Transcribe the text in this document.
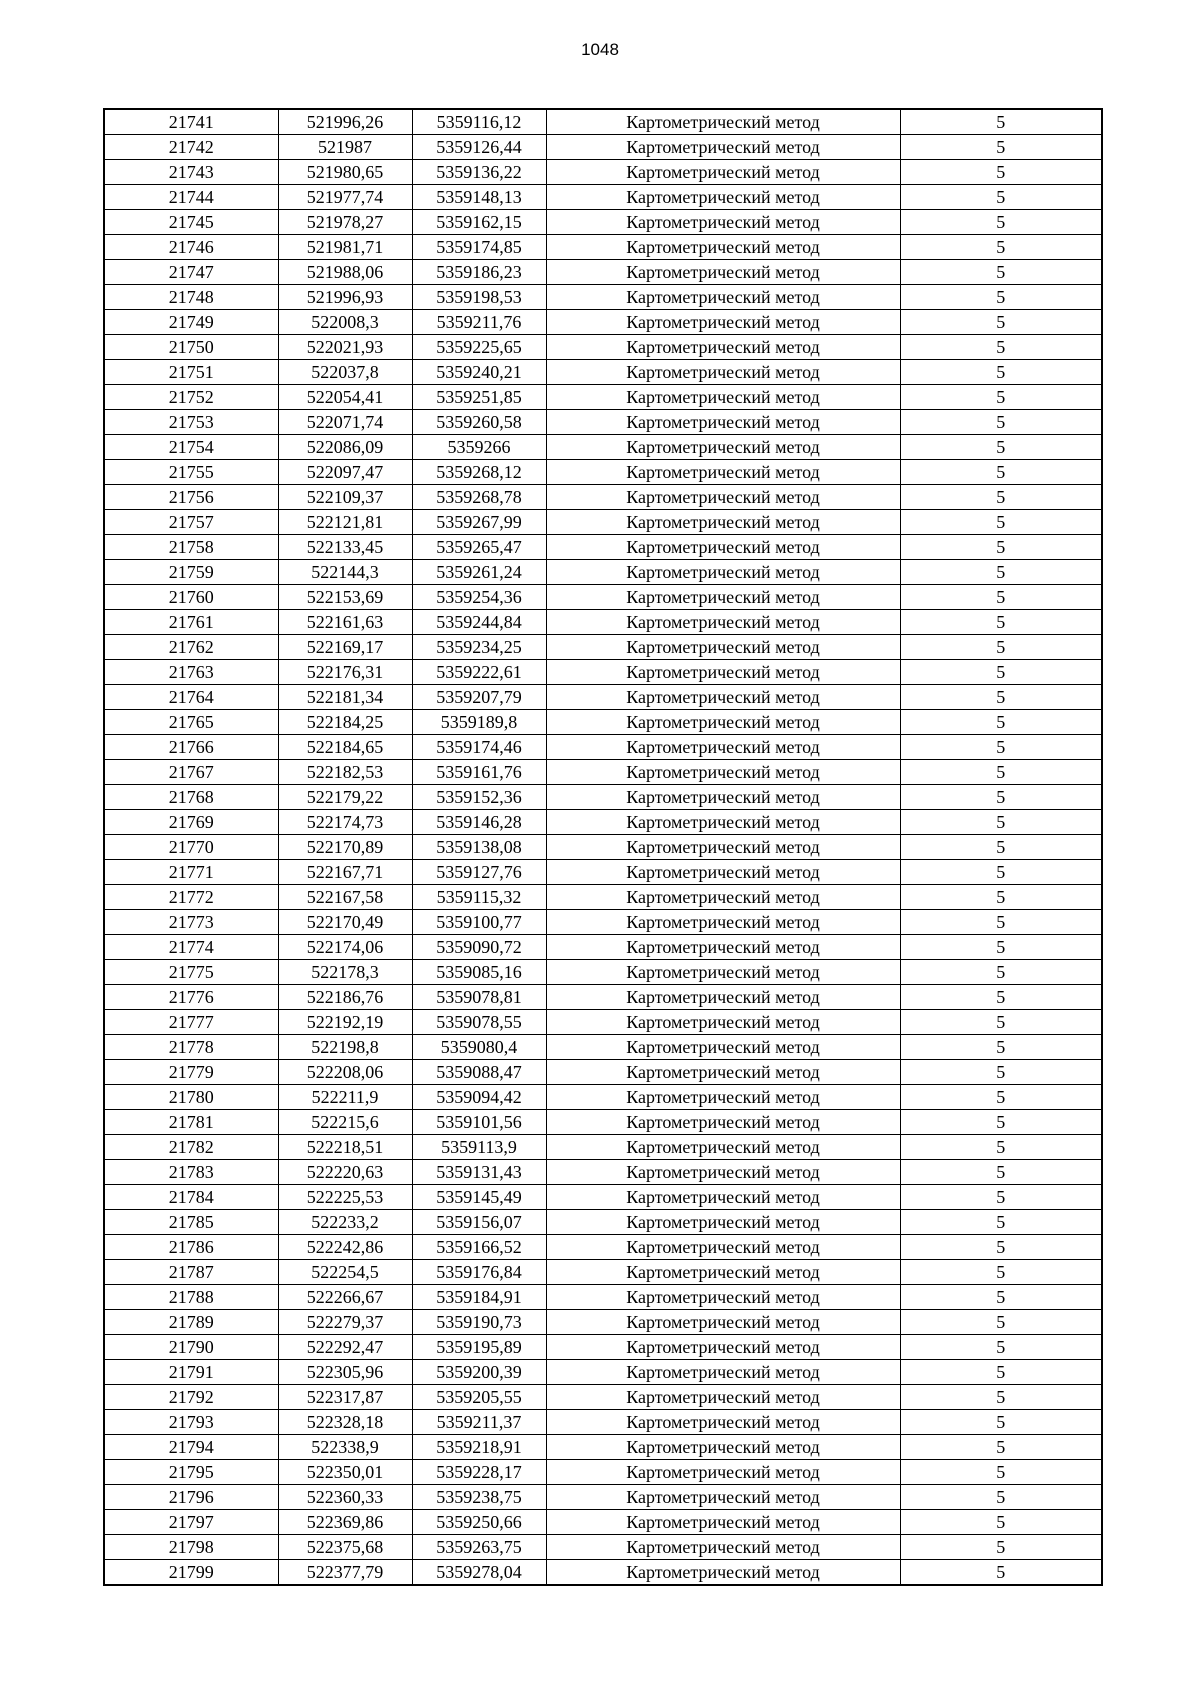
1048
21741	521996,26	5359116,12	Картометрический метод	5
21742	521987	5359126,44	Картометрический метод	5
21743	521980,65	5359136,22	Картометрический метод	5
21744	521977,74	5359148,13	Картометрический метод	5
21745	521978,27	5359162,15	Картометрический метод	5
21746	521981,71	5359174,85	Картометрический метод	5
21747	521988,06	5359186,23	Картометрический метод	5
21748	521996,93	5359198,53	Картометрический метод	5
21749	522008,3	5359211,76	Картометрический метод	5
21750	522021,93	5359225,65	Картометрический метод	5
21751	522037,8	5359240,21	Картометрический метод	5
21752	522054,41	5359251,85	Картометрический метод	5
21753	522071,74	5359260,58	Картометрический метод	5
21754	522086,09	5359266	Картометрический метод	5
21755	522097,47	5359268,12	Картометрический метод	5
21756	522109,37	5359268,78	Картометрический метод	5
21757	522121,81	5359267,99	Картометрический метод	5
21758	522133,45	5359265,47	Картометрический метод	5
21759	522144,3	5359261,24	Картометрический метод	5
21760	522153,69	5359254,36	Картометрический метод	5
21761	522161,63	5359244,84	Картометрический метод	5
21762	522169,17	5359234,25	Картометрический метод	5
21763	522176,31	5359222,61	Картометрический метод	5
21764	522181,34	5359207,79	Картометрический метод	5
21765	522184,25	5359189,8	Картометрический метод	5
21766	522184,65	5359174,46	Картометрический метод	5
21767	522182,53	5359161,76	Картометрический метод	5
21768	522179,22	5359152,36	Картометрический метод	5
21769	522174,73	5359146,28	Картометрический метод	5
21770	522170,89	5359138,08	Картометрический метод	5
21771	522167,71	5359127,76	Картометрический метод	5
21772	522167,58	5359115,32	Картометрический метод	5
21773	522170,49	5359100,77	Картометрический метод	5
21774	522174,06	5359090,72	Картометрический метод	5
21775	522178,3	5359085,16	Картометрический метод	5
21776	522186,76	5359078,81	Картометрический метод	5
21777	522192,19	5359078,55	Картометрический метод	5
21778	522198,8	5359080,4	Картометрический метод	5
21779	522208,06	5359088,47	Картометрический метод	5
21780	522211,9	5359094,42	Картометрический метод	5
21781	522215,6	5359101,56	Картометрический метод	5
21782	522218,51	5359113,9	Картометрический метод	5
21783	522220,63	5359131,43	Картометрический метод	5
21784	522225,53	5359145,49	Картометрический метод	5
21785	522233,2	5359156,07	Картометрический метод	5
21786	522242,86	5359166,52	Картометрический метод	5
21787	522254,5	5359176,84	Картометрический метод	5
21788	522266,67	5359184,91	Картометрический метод	5
21789	522279,37	5359190,73	Картометрический метод	5
21790	522292,47	5359195,89	Картометрический метод	5
21791	522305,96	5359200,39	Картометрический метод	5
21792	522317,87	5359205,55	Картометрический метод	5
21793	522328,18	5359211,37	Картометрический метод	5
21794	522338,9	5359218,91	Картометрический метод	5
21795	522350,01	5359228,17	Картометрический метод	5
21796	522360,33	5359238,75	Картометрический метод	5
21797	522369,86	5359250,66	Картометрический метод	5
21798	522375,68	5359263,75	Картометрический метод	5
21799	522377,79	5359278,04	Картометрический метод	5
